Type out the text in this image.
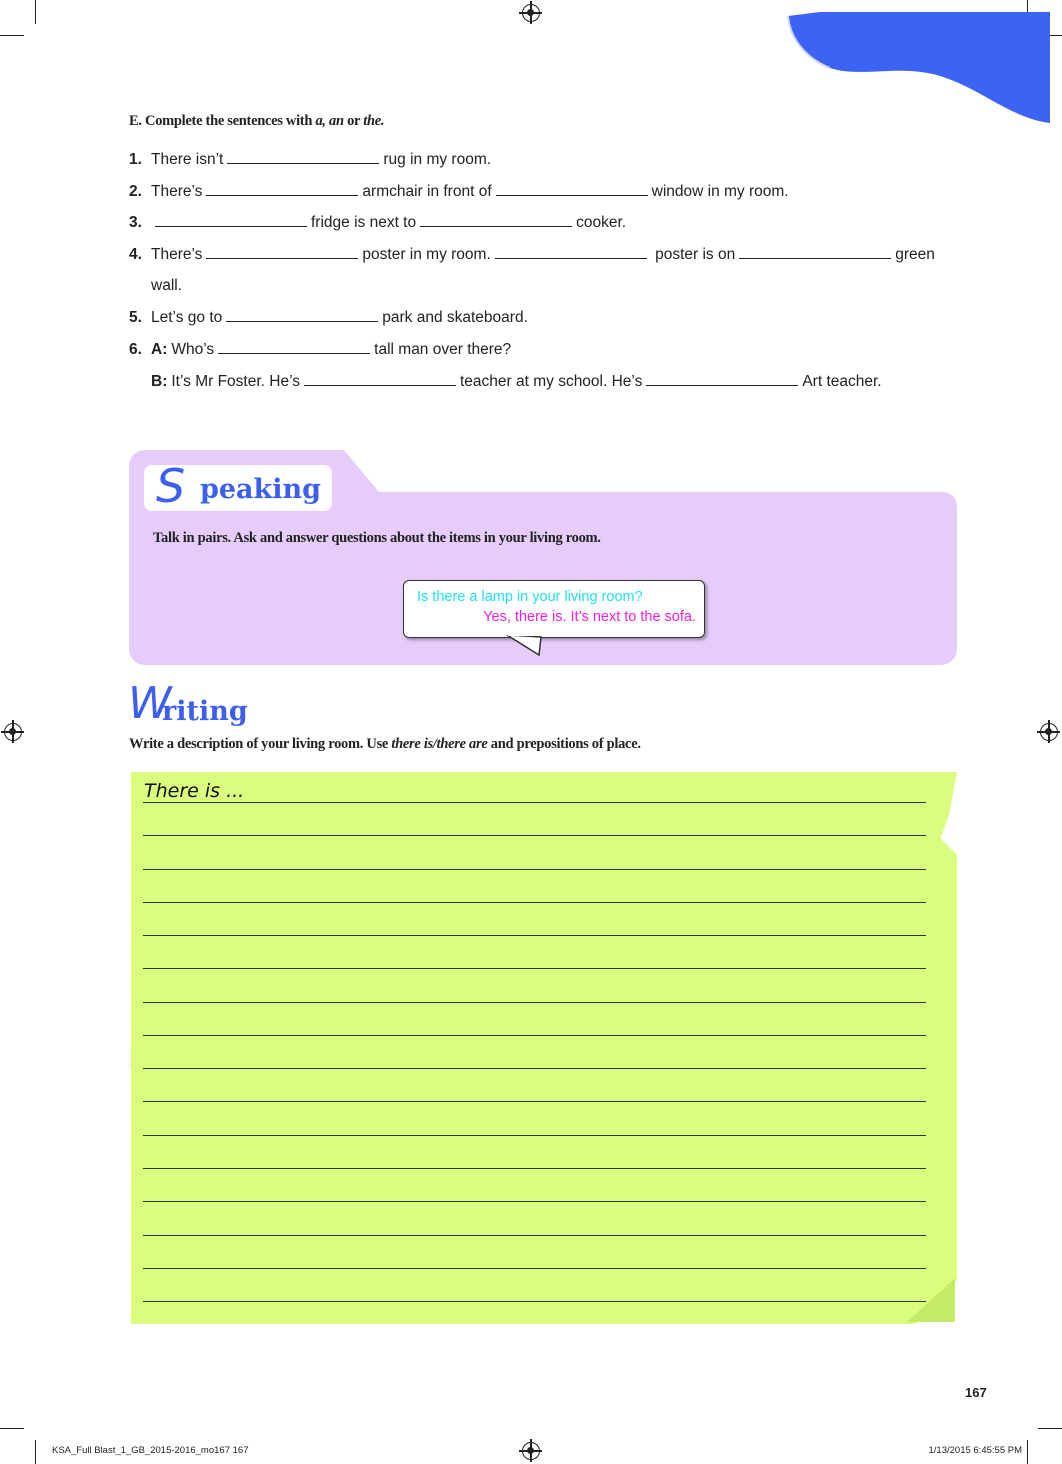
E. Complete the sentences with a, an or the.
1. There isn’t	rug in my room.
2. There’s	armchair in front of	window in my room.
3.	fridge is next to	cooker.
4. There’s	poster in my room.	poster is on	green
wall.
5. Let’s go to	park and skateboard.
6. A: Who’s	tall man over there?
B: It’s Mr Foster. He’s	teacher at my school. He’s	Art teacher.
S peaking
Talk in pairs. Ask and answer questions about the items in your living room.
Is there a lamp in your living room?
Yes, there is. It’s next to the sofa.
W
riting
Write a description of your living room. Use there is/there are and prepositions of place.
There is ...
167
KSA_Full Blast_1_GB_2015-2016_mo167 167	1/13/2015 6:45:55 PM
